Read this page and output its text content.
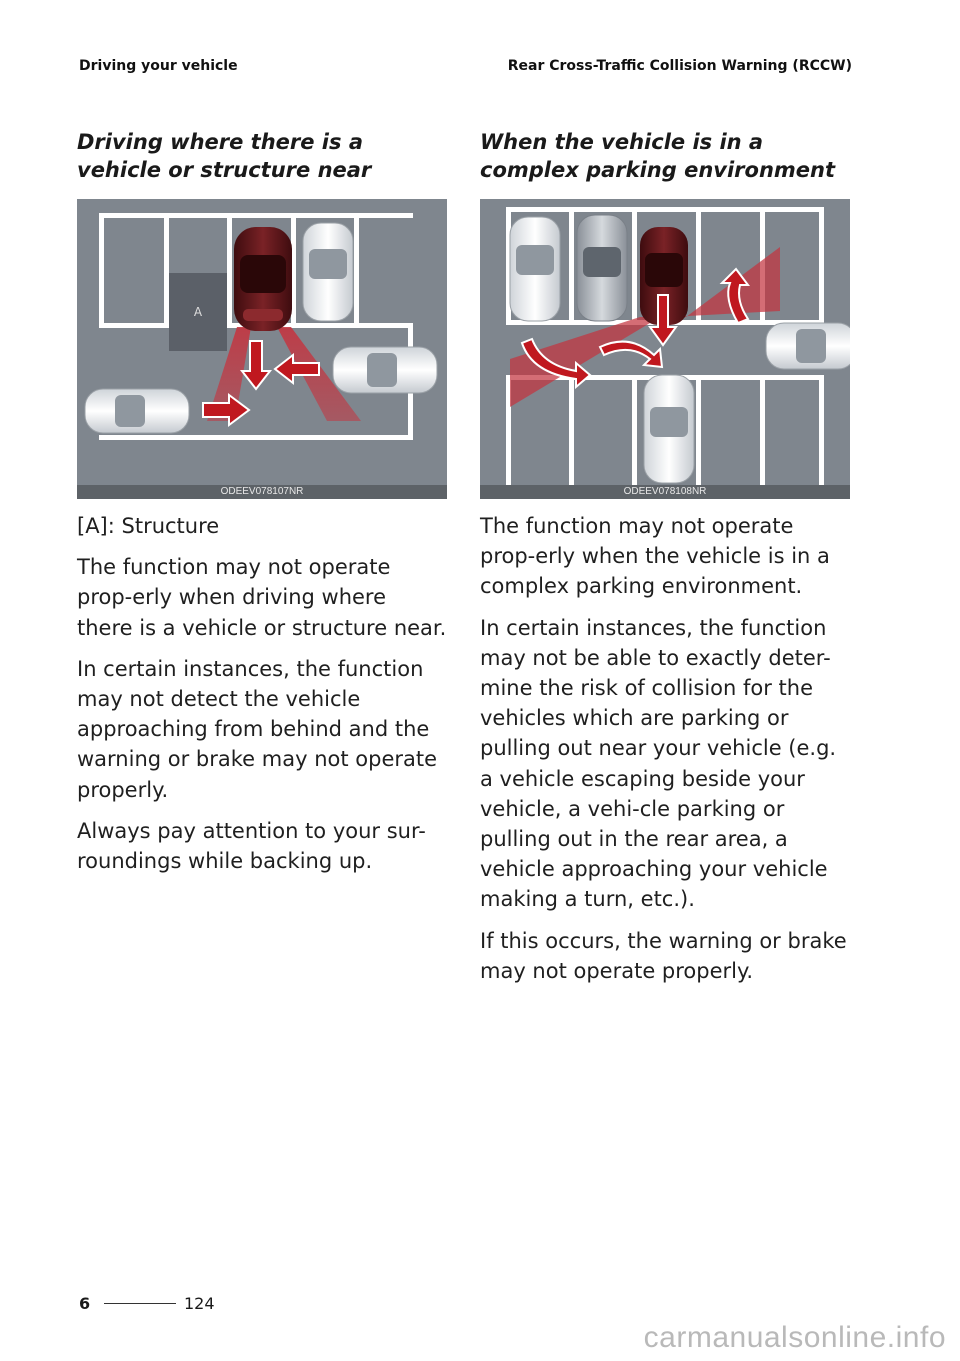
Driving your vehicle	Rear Cross-Traffic Collision Warning (RCCW)
Driving where there is a vehicle or structure near
A
ODEEV078107NR

[A]: Structure

The function may not operate prop-erly when driving where there is a vehicle or structure near.

In certain instances, the function may not detect the vehicle approaching from behind and the warning or brake may not operate properly.

Always pay attention to your sur-roundings while backing up.

When the vehicle is in a complex parking environment
ODEEV078108NR

The function may not operate prop-erly when the vehicle is in a complex parking environment.

In certain instances, the function may not be able to exactly deter-mine the risk of collision for the vehicles which are parking or pulling out near your vehicle (e.g. a vehicle escaping beside your vehicle, a vehi-cle parking or pulling out in the rear area, a vehicle approaching your vehicle making a turn, etc.).

If this occurs, the warning or brake may not operate properly.

6	124
carmanualsonline.info
